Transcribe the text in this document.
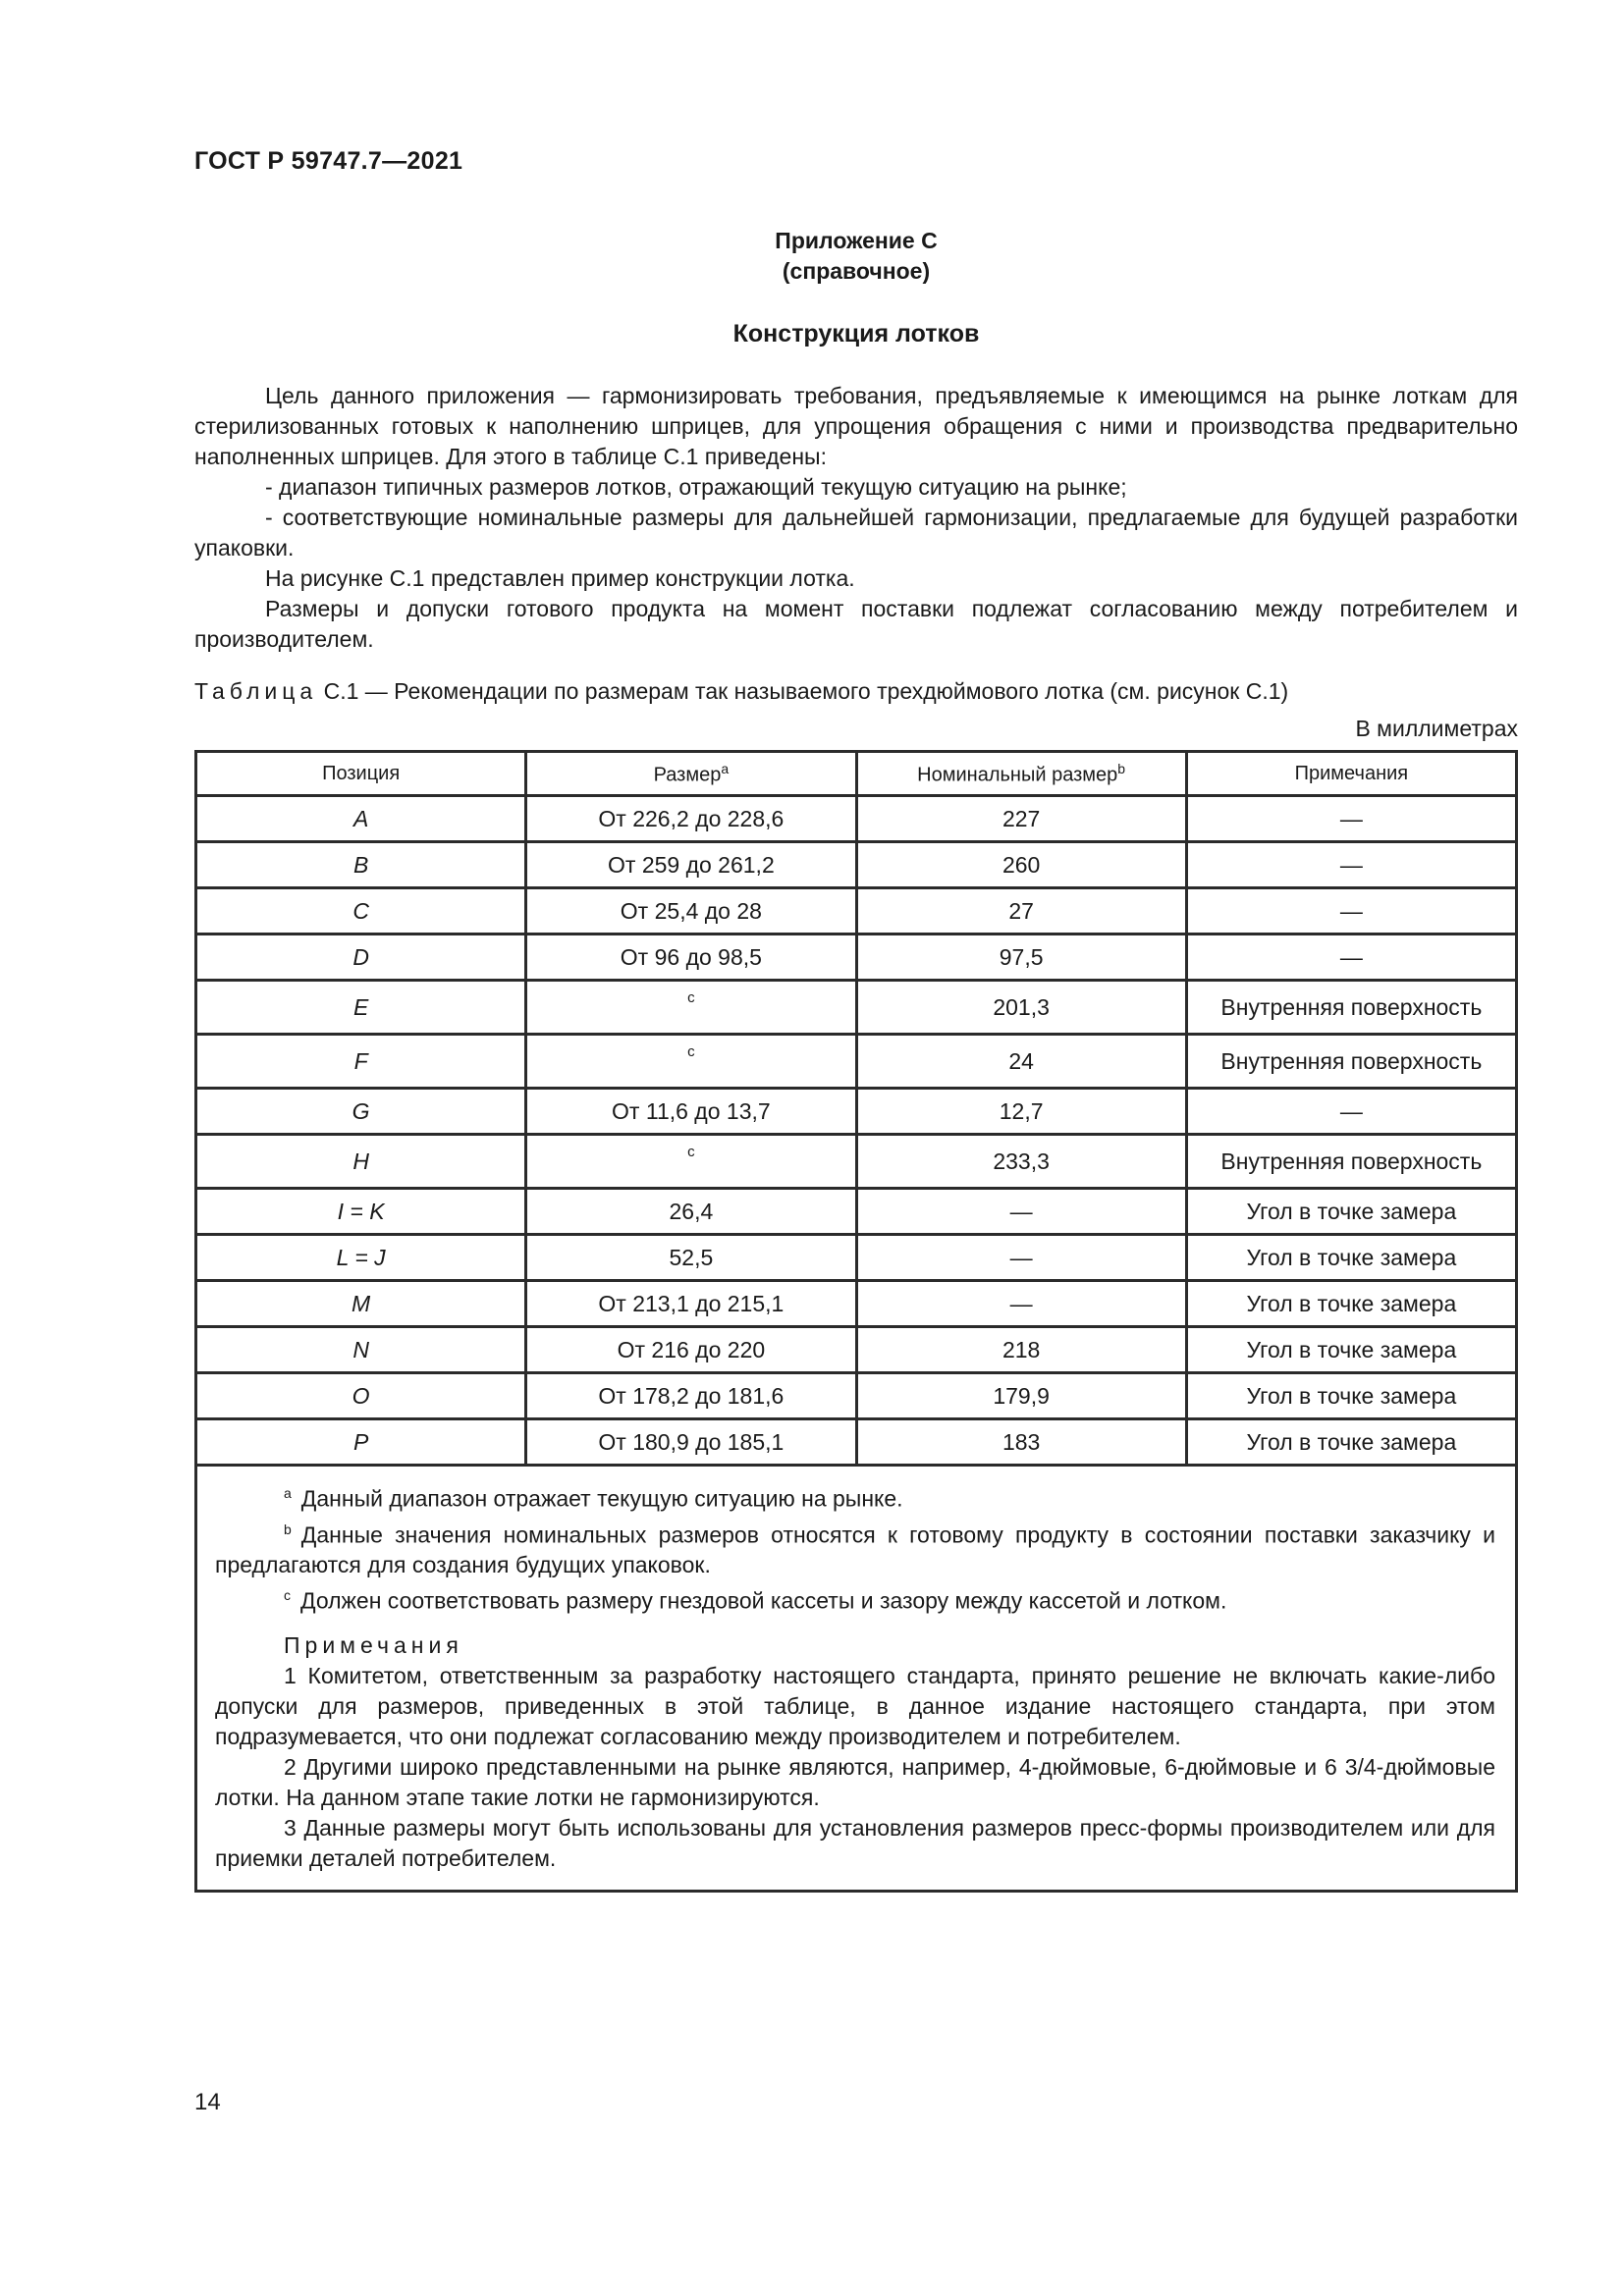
ГОСТ Р 59747.7—2021
Приложение С
(справочное)
Конструкция лотков

Цель данного приложения — гармонизировать требования, предъявляемые к имеющимся на рынке лоткам для стерилизованных готовых к наполнению шприцев, для упрощения обращения с ними и производства предварительно наполненных шприцев. Для этого в таблице С.1 приведены:

- диапазон типичных размеров лотков, отражающий текущую ситуацию на рынке;

- соответствующие номинальные размеры для дальнейшей гармонизации, предлагаемые для будущей разработки упаковки.

На рисунке С.1 представлен пример конструкции лотка.

Размеры и допуски готового продукта на момент поставки подлежат согласованию между потребителем и производителем.

Таблица С.1 — Рекомендации по размерам так называемого трехдюймового лотка (см. рисунок С.1)
В миллиметрах
Позиция	Размер$^a$	Номинальный размер$^b$	Примечания
A	От 226,2 до 228,6	227	—
B	От 259 до 261,2	260	—
C	От 25,4 до 28	27	—
D	От 96 до 98,5	97,5	—
E	c	201,3	Внутренняя поверхность
F	c	24	Внутренняя поверхность
G	От 11,6 до 13,7	12,7	—
H	c	233,3	Внутренняя поверхность
I = K	26,4	—	Угол в точке замера
L = J	52,5	—	Угол в точке замера
M	От 213,1 до 215,1	—	Угол в точке замера
N	От 216 до 220	218	Угол в точке замера
O	От 178,2 до 181,6	179,9	Угол в точке замера
P	От 180,9 до 185,1	183	Угол в точке замера

$^a$ Данный диапазон отражает текущую ситуацию на рынке.

$^b$ Данные значения номинальных размеров относятся к готовому продукту в состоянии поставки заказчику и предлагаются для создания будущих упаковок.

$^c$ Должен соответствовать размеру гнездовой кассеты и зазору между кассетой и лотком.

Примечания

1 Комитетом, ответственным за разработку настоящего стандарта, принято решение не включать какие-либо допуски для размеров, приведенных в этой таблице, в данное издание настоящего стандарта, при этом подразумевается, что они подлежат согласованию между производителем и потребителем.

2 Другими широко представленными на рынке являются, например, 4-дюймовые, 6-дюймовые и 6 3/4-дюймовые лотки. На данном этапе такие лотки не гармонизируются.

3 Данные размеры могут быть использованы для установления размеров пресс-формы производителем или для приемки деталей потребителем.

14
